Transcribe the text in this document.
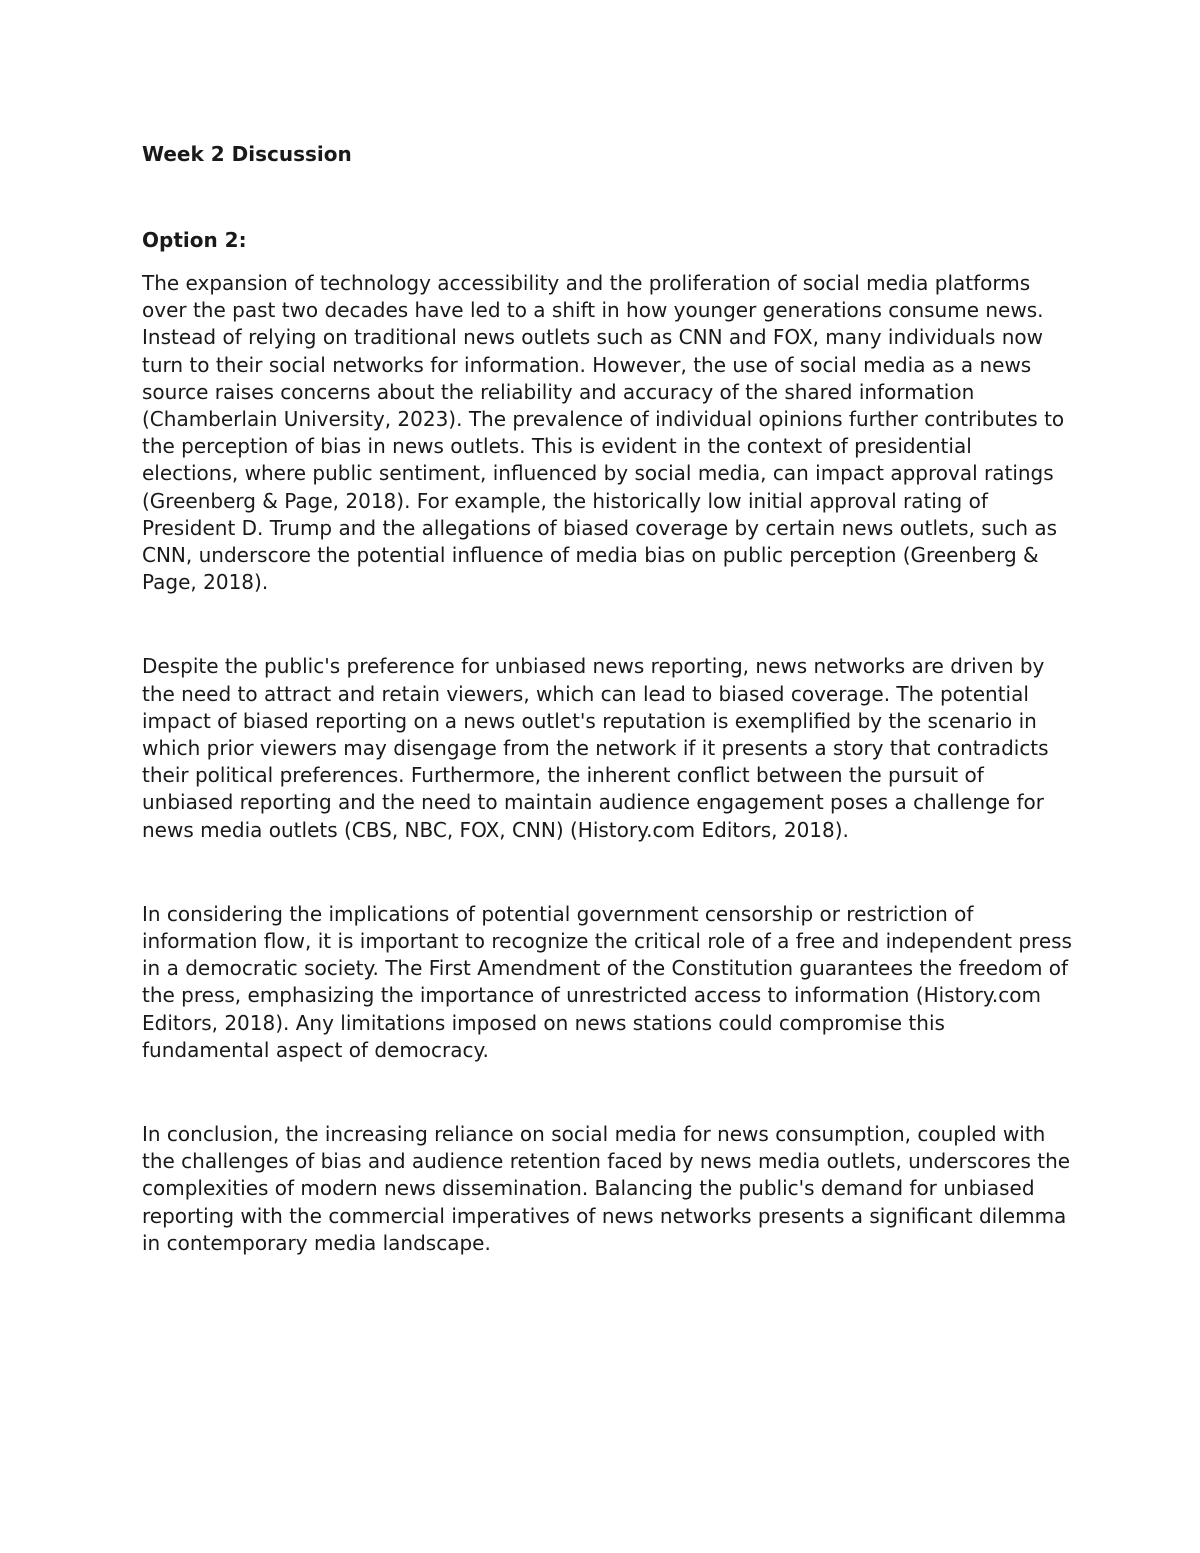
Week 2 Discussion
Option 2:

The expansion of technology accessibility and the proliferation of social media platforms over the past two decades have led to a shift in how younger generations consume news. Instead of relying on traditional news outlets such as CNN and FOX, many individuals now turn to their social networks for information. However, the use of social media as a news source raises concerns about the reliability and accuracy of the shared information (Chamberlain University, 2023). The prevalence of individual opinions further contributes to the perception of bias in news outlets. This is evident in the context of presidential elections, where public sentiment, influenced by social media, can impact approval ratings (Greenberg & Page, 2018). For example, the historically low initial approval rating of President D. Trump and the allegations of biased coverage by certain news outlets, such as CNN, underscore the potential influence of media bias on public perception (Greenberg & Page, 2018).

Despite the public's preference for unbiased news reporting, news networks are driven by the need to attract and retain viewers, which can lead to biased coverage. The potential impact of biased reporting on a news outlet's reputation is exemplified by the scenario in which prior viewers may disengage from the network if it presents a story that contradicts their political preferences. Furthermore, the inherent conflict between the pursuit of unbiased reporting and the need to maintain audience engagement poses a challenge for news media outlets (CBS, NBC, FOX, CNN) (History.com Editors, 2018).

In considering the implications of potential government censorship or restriction of information flow, it is important to recognize the critical role of a free and independent press in a democratic society. The First Amendment of the Constitution guarantees the freedom of the press, emphasizing the importance of unrestricted access to information (History.com Editors, 2018). Any limitations imposed on news stations could compromise this fundamental aspect of democracy.

In conclusion, the increasing reliance on social media for news consumption, coupled with the challenges of bias and audience retention faced by news media outlets, underscores the complexities of modern news dissemination. Balancing the public's demand for unbiased reporting with the commercial imperatives of news networks presents a significant dilemma in contemporary media landscape.
